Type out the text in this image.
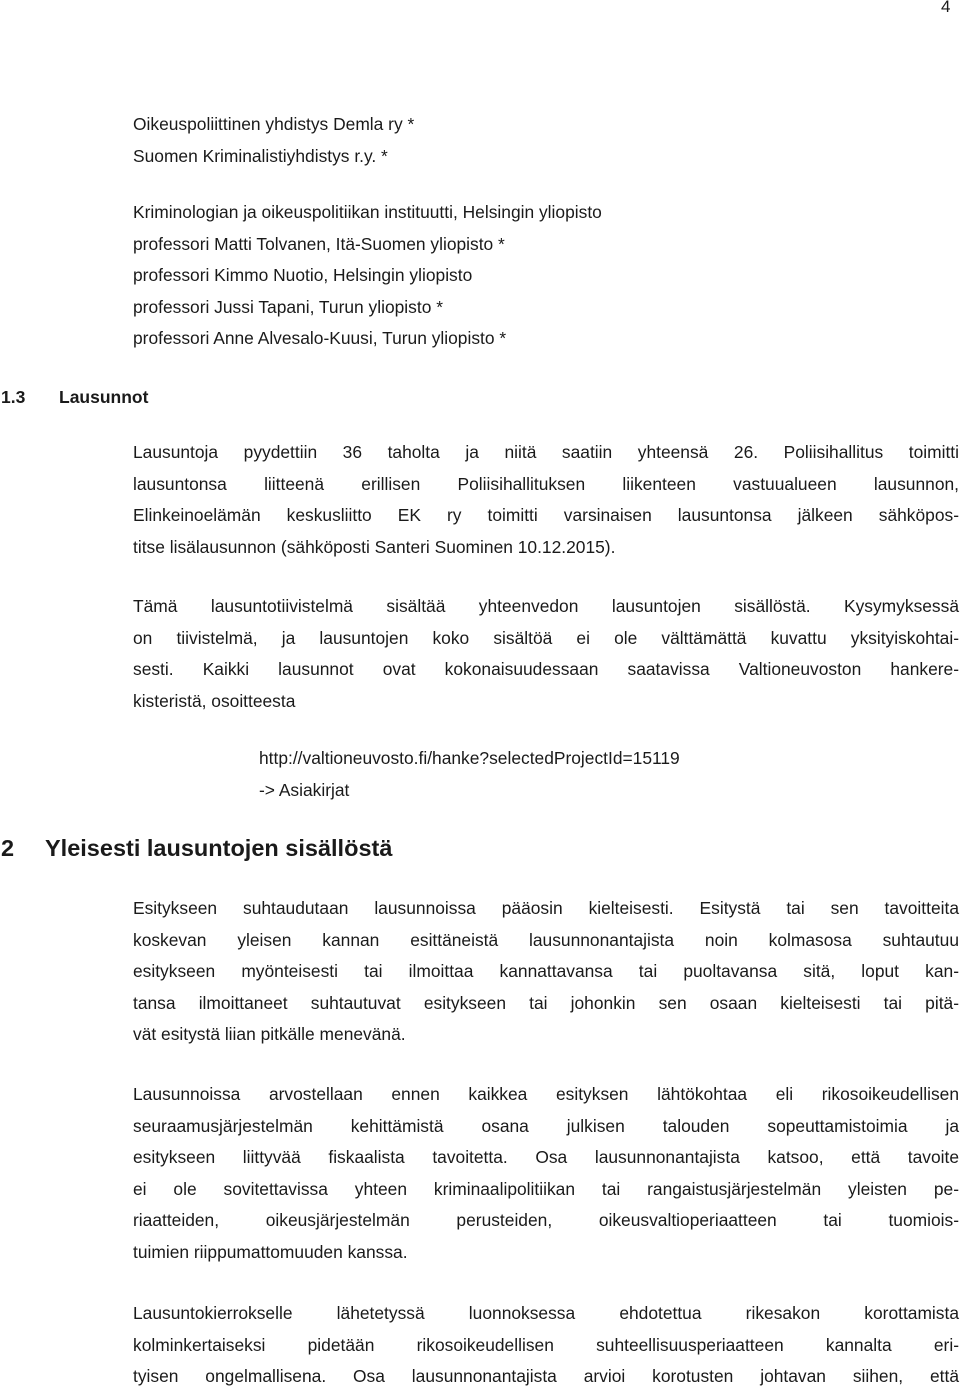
4
Oikeuspoliittinen yhdistys Demla ry *
Suomen Kriminalistiyhdistys r.y. *
Kriminologian ja oikeuspolitiikan instituutti, Helsingin yliopisto
professori Matti Tolvanen, Itä-Suomen yliopisto *
professori Kimmo Nuotio, Helsingin yliopisto
professori Jussi Tapani, Turun yliopisto *
professori Anne Alvesalo-Kuusi, Turun yliopisto *
1.3 Lausunnot
Lausuntoja pyydettiin 36 taholta ja niitä saatiin yhteensä 26. Poliisihallitus toimitti
lausuntonsa liitteenä erillisen Poliisihallituksen liikenteen vastuualueen lausunnon,
Elinkeinoelämän keskusliitto EK ry toimitti varsinaisen lausuntonsa jälkeen sähköpos-
titse lisälausunnon (sähköposti Santeri Suominen 10.12.2015).
Tämä lausuntotiivistelmä sisältää yhteenvedon lausuntojen sisällöstä. Kysymyksessä
on tiivistelmä, ja lausuntojen koko sisältöä ei ole välttämättä kuvattu yksityiskohtai-
sesti. Kaikki lausunnot ovat kokonaisuudessaan saatavissa Valtioneuvoston hankere-
kisteristä, osoitteesta
http://valtioneuvosto.fi/hanke?selectedProjectId=15119
-> Asiakirjat
2 Yleisesti lausuntojen sisällöstä
Esitykseen suhtaudutaan lausunnoissa pääosin kielteisesti. Esitystä tai sen tavoitteita
koskevan yleisen kannan esittäneistä lausunnonantajista noin kolmasosa suhtautuu
esitykseen myönteisesti tai ilmoittaa kannattavansa tai puoltavansa sitä, loput kan-
tansa ilmoittaneet suhtautuvat esitykseen tai johonkin sen osaan kielteisesti tai pitä-
vät esitystä liian pitkälle menevänä.
Lausunnoissa arvostellaan ennen kaikkea esityksen lähtökohtaa eli rikosoikeudellisen
seuraamusjärjestelmän kehittämistä osana julkisen talouden sopeuttamistoimia ja
esitykseen liittyvää fiskaalista tavoitetta. Osa lausunnonantajista katsoo, että tavoite
ei ole sovitettavissa yhteen kriminaalipolitiikan tai rangaistusjärjestelmän yleisten pe-
riaatteiden, oikeusjärjestelmän perusteiden, oikeusvaltioperiaatteen tai tuomiois-
tuimien riippumattomuuden kanssa.
Lausuntokierrokselle lähetetyssä luonnoksessa ehdotettua rikesakon korottamista
kolminkertaiseksi pidetään rikosoikeudellisen suhteellisuusperiaatteen kannalta eri-
tyisen ongelmallisena. Osa lausunnonantajista arvioi korotusten johtavan siihen, että
